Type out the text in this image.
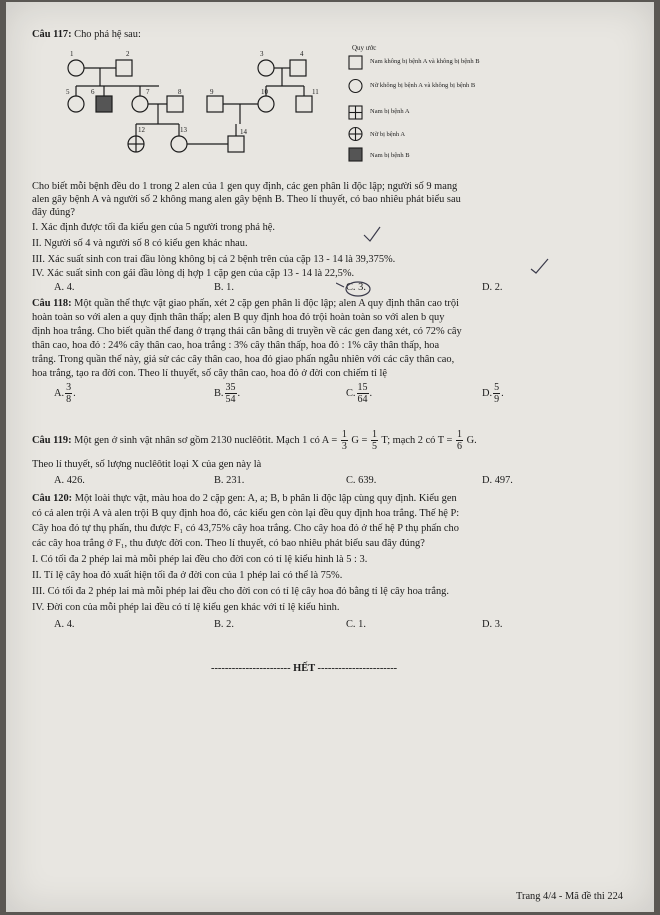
Câu 117: Cho phả hệ sau:
1	2	3	4
5	6	7	8	9	10	11
12	13	14
Quy ước
Nam không bị bệnh A và không bị bệnh B
Nữ không bị bệnh A và không bị bệnh B
Nam bị bệnh A
Nữ bị bệnh A
Nam bị bệnh B
Cho biết mỗi bệnh đều do 1 trong 2 alen của 1 gen quy định, các gen phân li độc lập; người số 9 mang
alen gây bệnh A và người số 2 không mang alen gây bệnh B. Theo lí thuyết, có bao nhiêu phát biểu sau
đây đúng?
I. Xác định được tối đa kiểu gen của 5 người trong phả hệ.
II. Người số 4 và người số 8 có kiểu gen khác nhau.
III. Xác suất sinh con trai đầu lòng không bị cả 2 bệnh trên của cặp 13 - 14 là 39,375%.
IV. Xác suất sinh con gái đầu lòng dị hợp 1 cặp gen của cặp 13 - 14 là 22,5%.
A. 4.	B. 1.	C. 3.	D. 2.
Câu 118: Một quần thể thực vật giao phấn, xét 2 cặp gen phân li độc lập; alen A quy định thân cao trội
hoàn toàn so với alen a quy định thân thấp; alen B quy định hoa đỏ trội hoàn toàn so với alen b quy
định hoa trắng. Cho biết quần thể đang ở trạng thái cân bằng di truyền về các gen đang xét, có 72% cây
thân cao, hoa đỏ : 24% cây thân cao, hoa trắng : 3% cây thân thấp, hoa đỏ : 1% cây thân thấp, hoa
trắng. Trong quần thể này, giả sử các cây thân cao, hoa đỏ giao phấn ngẫu nhiên với các cây thân cao,
hoa trắng, tạo ra đời con. Theo lí thuyết, số cây thân cao, hoa đỏ ở đời con chiếm tỉ lệ
A. $\frac{3}{8}$ .	B. $\frac{35}{54}$ .	C. $\frac{15}{64}$ .	D. $\frac{5}{9}$ .
Câu 119: Một gen ở sinh vật nhân sơ gồm 2130 nuclêôtit. Mạch 1 có $A = \frac{1}{3}$ $G = \frac{1}{5} T$; mạch 2 có $T = \frac{1}{6} G$.
Theo lí thuyết, số lượng nuclêôtit loại X của gen này là
A. 426.	B. 231.	C. 639.	D. 497.
Câu 120: Một loài thực vật, màu hoa do 2 cặp gen: A, a; B, b phân li độc lập cùng quy định. Kiểu gen
có cả alen trội A và alen trội B quy định hoa đỏ, các kiểu gen còn lại đều quy định hoa trắng. Thế hệ P:
Cây hoa đỏ tự thụ phấn, thu được F₁ có 43,75% cây hoa trắng. Cho cây hoa đỏ ở thế hệ P thụ phấn cho
các cây hoa trắng ở F₁, thu được đời con. Theo lí thuyết, có bao nhiêu phát biểu sau đây đúng?
I. Có tối đa 2 phép lai mà mỗi phép lai đều cho đời con có tỉ lệ kiểu hình là 5 : 3.
II. Tỉ lệ cây hoa đỏ xuất hiện tối đa ở đời con của 1 phép lai có thể là 75%.
III. Có tối đa 2 phép lai mà mỗi phép lai đều cho đời con có tỉ lệ cây hoa đỏ bằng tỉ lệ cây hoa trắng.
IV. Đời con của mỗi phép lai đều có tỉ lệ kiểu gen khác với tỉ lệ kiểu hình.
A. 4.	B. 2.	C. 1.	D. 3.
----------------------- HẾT -----------------------
Trang 4/4 - Mã đề thi 224
